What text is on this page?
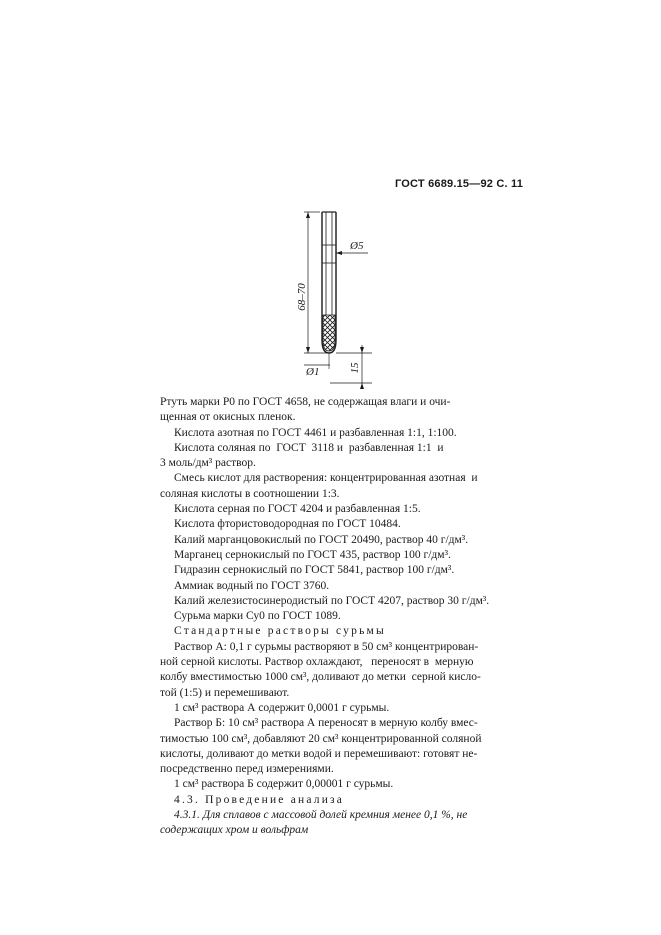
ГОСТ 6689.15—92 С. 11
68–70
Ø5
Ø1	15

Ртуть марки Р0 по ГОСТ 4658, не содержащая влаги и очи-

щенная от окисных пленок.

Кислота азотная по ГОСТ 4461 и разбавленная 1:1, 1:100.

Кислота соляная по  ГОСТ  3118 и  разбавленная 1:1  и

3 моль/дм³ раствор.

Смесь кислот для растворения: концентрированная азотная  и

соляная кислоты в соотношении 1:3.

Кислота серная по ГОСТ 4204 и разбавленная 1:5.

Кислота фтористоводородная по ГОСТ 10484.

Калий марганцовокислый по ГОСТ 20490, раствор 40 г/дм³.

Марганец сернокислый по ГОСТ 435, раствор 100 г/дм³.

Гидразин сернокислый по ГОСТ 5841, раствор 100 г/дм³.

Аммиак водный по ГОСТ 3760.

Калий железистосинеродистый по ГОСТ 4207, раствор 30 г/дм³.

Сурьма марки Су0 по ГОСТ 1089.

Стандартные растворы сурьмы

Раствор А: 0,1 г сурьмы растворяют в 50 см³ концентрирован-

ной серной кислоты. Раствор охлаждают,   переносят в  мерную

колбу вместимостью 1000 см³, доливают до метки  серной кисло-

той (1:5) и перемешивают.

1 см³ раствора А содержит 0,0001 г сурьмы.

Раствор Б: 10 см³ раствора А переносят в мерную колбу вмес-

тимостью 100 см³, добавляют 20 см³ концентрированной соляной

кислоты, доливают до метки водой и перемешивают: готовят не-

посредственно перед измерениями.

1 см³ раствора Б содержит 0,00001 г сурьмы.

4.3. Проведение анализа

4.3.1. Для сплавов с массовой долей кремния менее 0,1 %, не

содержащих хром и вольфрам
